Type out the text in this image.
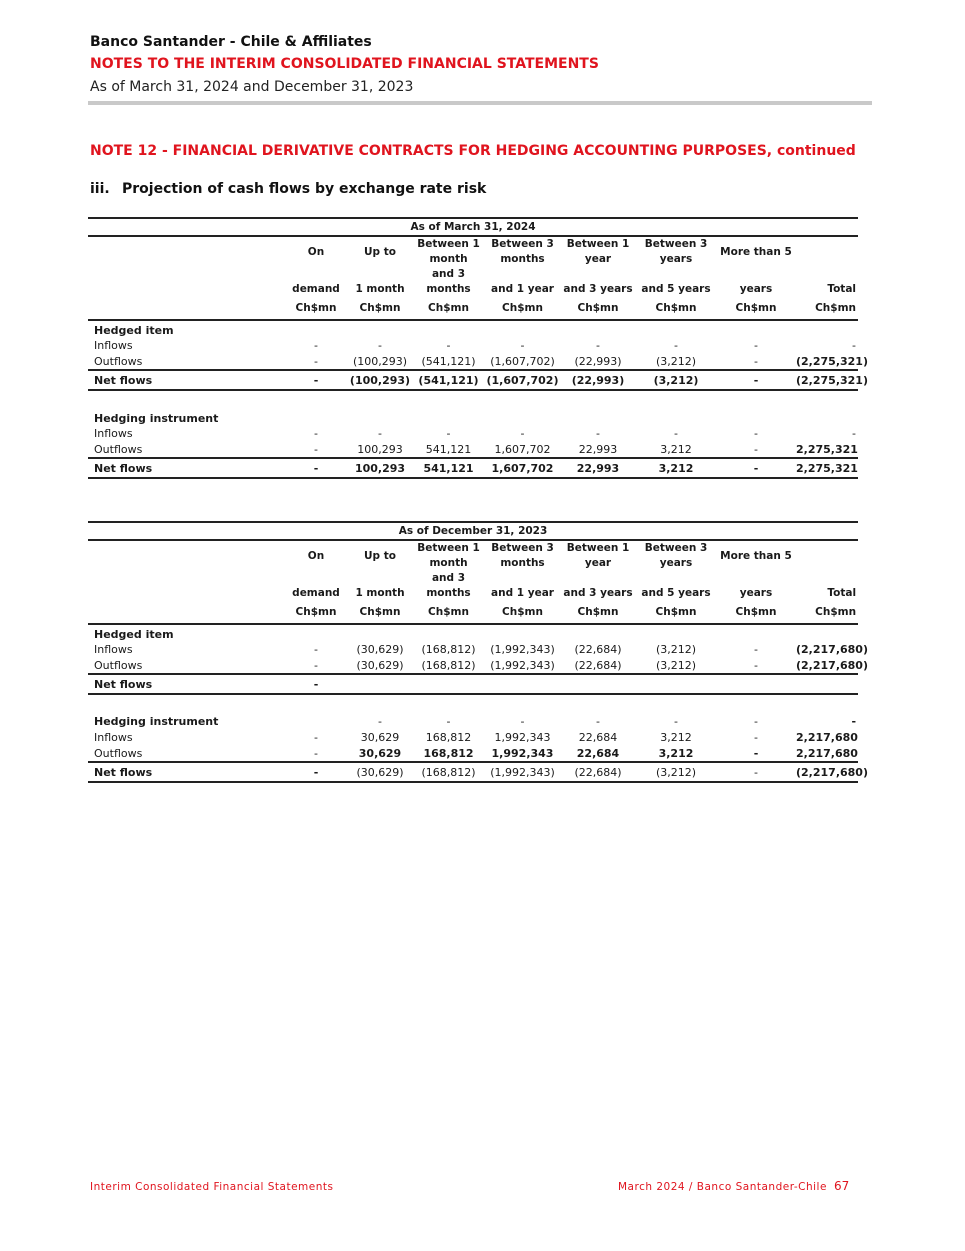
Banco Santander - Chile & Affiliates
NOTES TO THE INTERIM CONSOLIDATED FINANCIAL STATEMENTS
As of March 31, 2024 and December 31, 2023
NOTE 12 - FINANCIAL DERIVATIVE CONTRACTS FOR HEDGING ACCOUNTING PURPOSES, continued
iii. Projection of cash flows by exchange rate risk
As of March 31, 2024								
	On	Up to	Between 1 month	Between 3 months	Between 1 year	Between 3 years	More than 5	
	demand	1 month	and 3 months	and 1 year	and 3 years	and 5 years	years	Total
	Ch$mn	Ch$mn	Ch$mn	Ch$mn	Ch$mn	Ch$mn	Ch$mn	Ch$mn
Hedged item								
Inflows	-	-	-	-	-	-	-	-
Outflows	-	(100,293)	(541,121)	(1,607,702)	(22,993)	(3,212)	-	(2,275,321)
Net flows	-	(100,293)	(541,121)	(1,607,702)	(22,993)	(3,212)	-	(2,275,321)

Hedging instrument								
Inflows	-	-	-	-	-	-	-	-
Outflows	-	100,293	541,121	1,607,702	22,993	3,212	-	2,275,321
Net flows	-	100,293	541,121	1,607,702	22,993	3,212	-	2,275,321
As of December 31, 2023								
	On	Up to	Between 1 month	Between 3 months	Between 1 year	Between 3 years	More than 5	
	demand	1 month	and 3 months	and 1 year	and 3 years	and 5 years	years	Total
	Ch$mn	Ch$mn	Ch$mn	Ch$mn	Ch$mn	Ch$mn	Ch$mn	Ch$mn
Hedged item								
Inflows	-	(30,629)	(168,812)	(1,992,343)	(22,684)	(3,212)	-	(2,217,680)
Outflows	-	(30,629)	(168,812)	(1,992,343)	(22,684)	(3,212)	-	(2,217,680)
Net flows	-							

Hedging instrument		-	-	-	-	-	-	-
Inflows	-	30,629	168,812	1,992,343	22,684	3,212	-	2,217,680
Outflows	-	30,629	168,812	1,992,343	22,684	3,212	-	2,217,680
Net flows	-	(30,629)	(168,812)	(1,992,343)	(22,684)	(3,212)	-	(2,217,680)
Interim Consolidated Financial Statements	March 2024 / Banco Santander-Chile 67
